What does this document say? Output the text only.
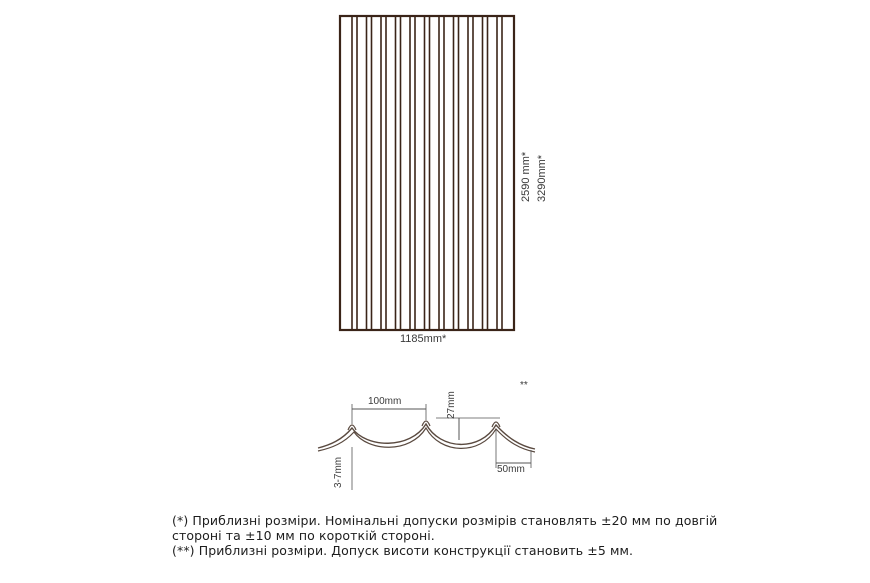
1185mm*
2590 mm* 3290mm*
**
100mm	27mm
3-7mm	50mm
(*) Приблизні розміри. Номінальні допуски розмірів становлять ±20 мм по довгій
стороні та ±10 мм по короткій стороні.
(**) Приблизні розміри. Допуск висоти конструкції становить ±5 мм.
